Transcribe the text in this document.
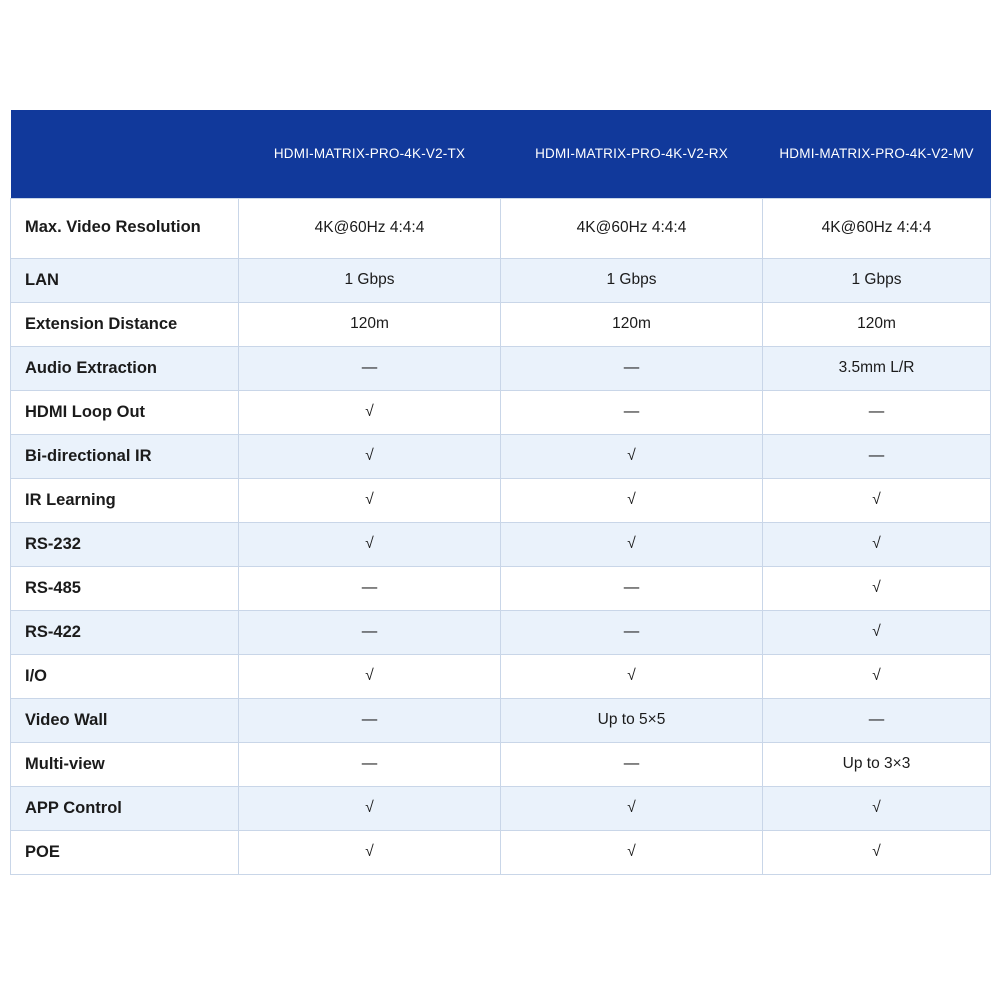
	HDMI-MATRIX-PRO-4K-V2-TX	HDMI-MATRIX-PRO-4K-V2-RX	HDMI-MATRIX-PRO-4K-V2-MV
Max. Video Resolution	4K@60Hz 4:4:4	4K@60Hz 4:4:4	4K@60Hz 4:4:4
LAN	1 Gbps	1 Gbps	1 Gbps
Extension Distance	120m	120m	120m
Audio Extraction	—	—	3.5mm L/R
HDMI Loop Out	√	—	—
Bi-directional IR	√	√	—
IR Learning	√	√	√
RS-232	√	√	√
RS-485	—	—	√
RS-422	—	—	√
I/O	√	√	√
Video Wall	—	Up to 5×5	—
Multi-view	—	—	Up to 3×3
APP Control	√	√	√
POE	√	√	√
